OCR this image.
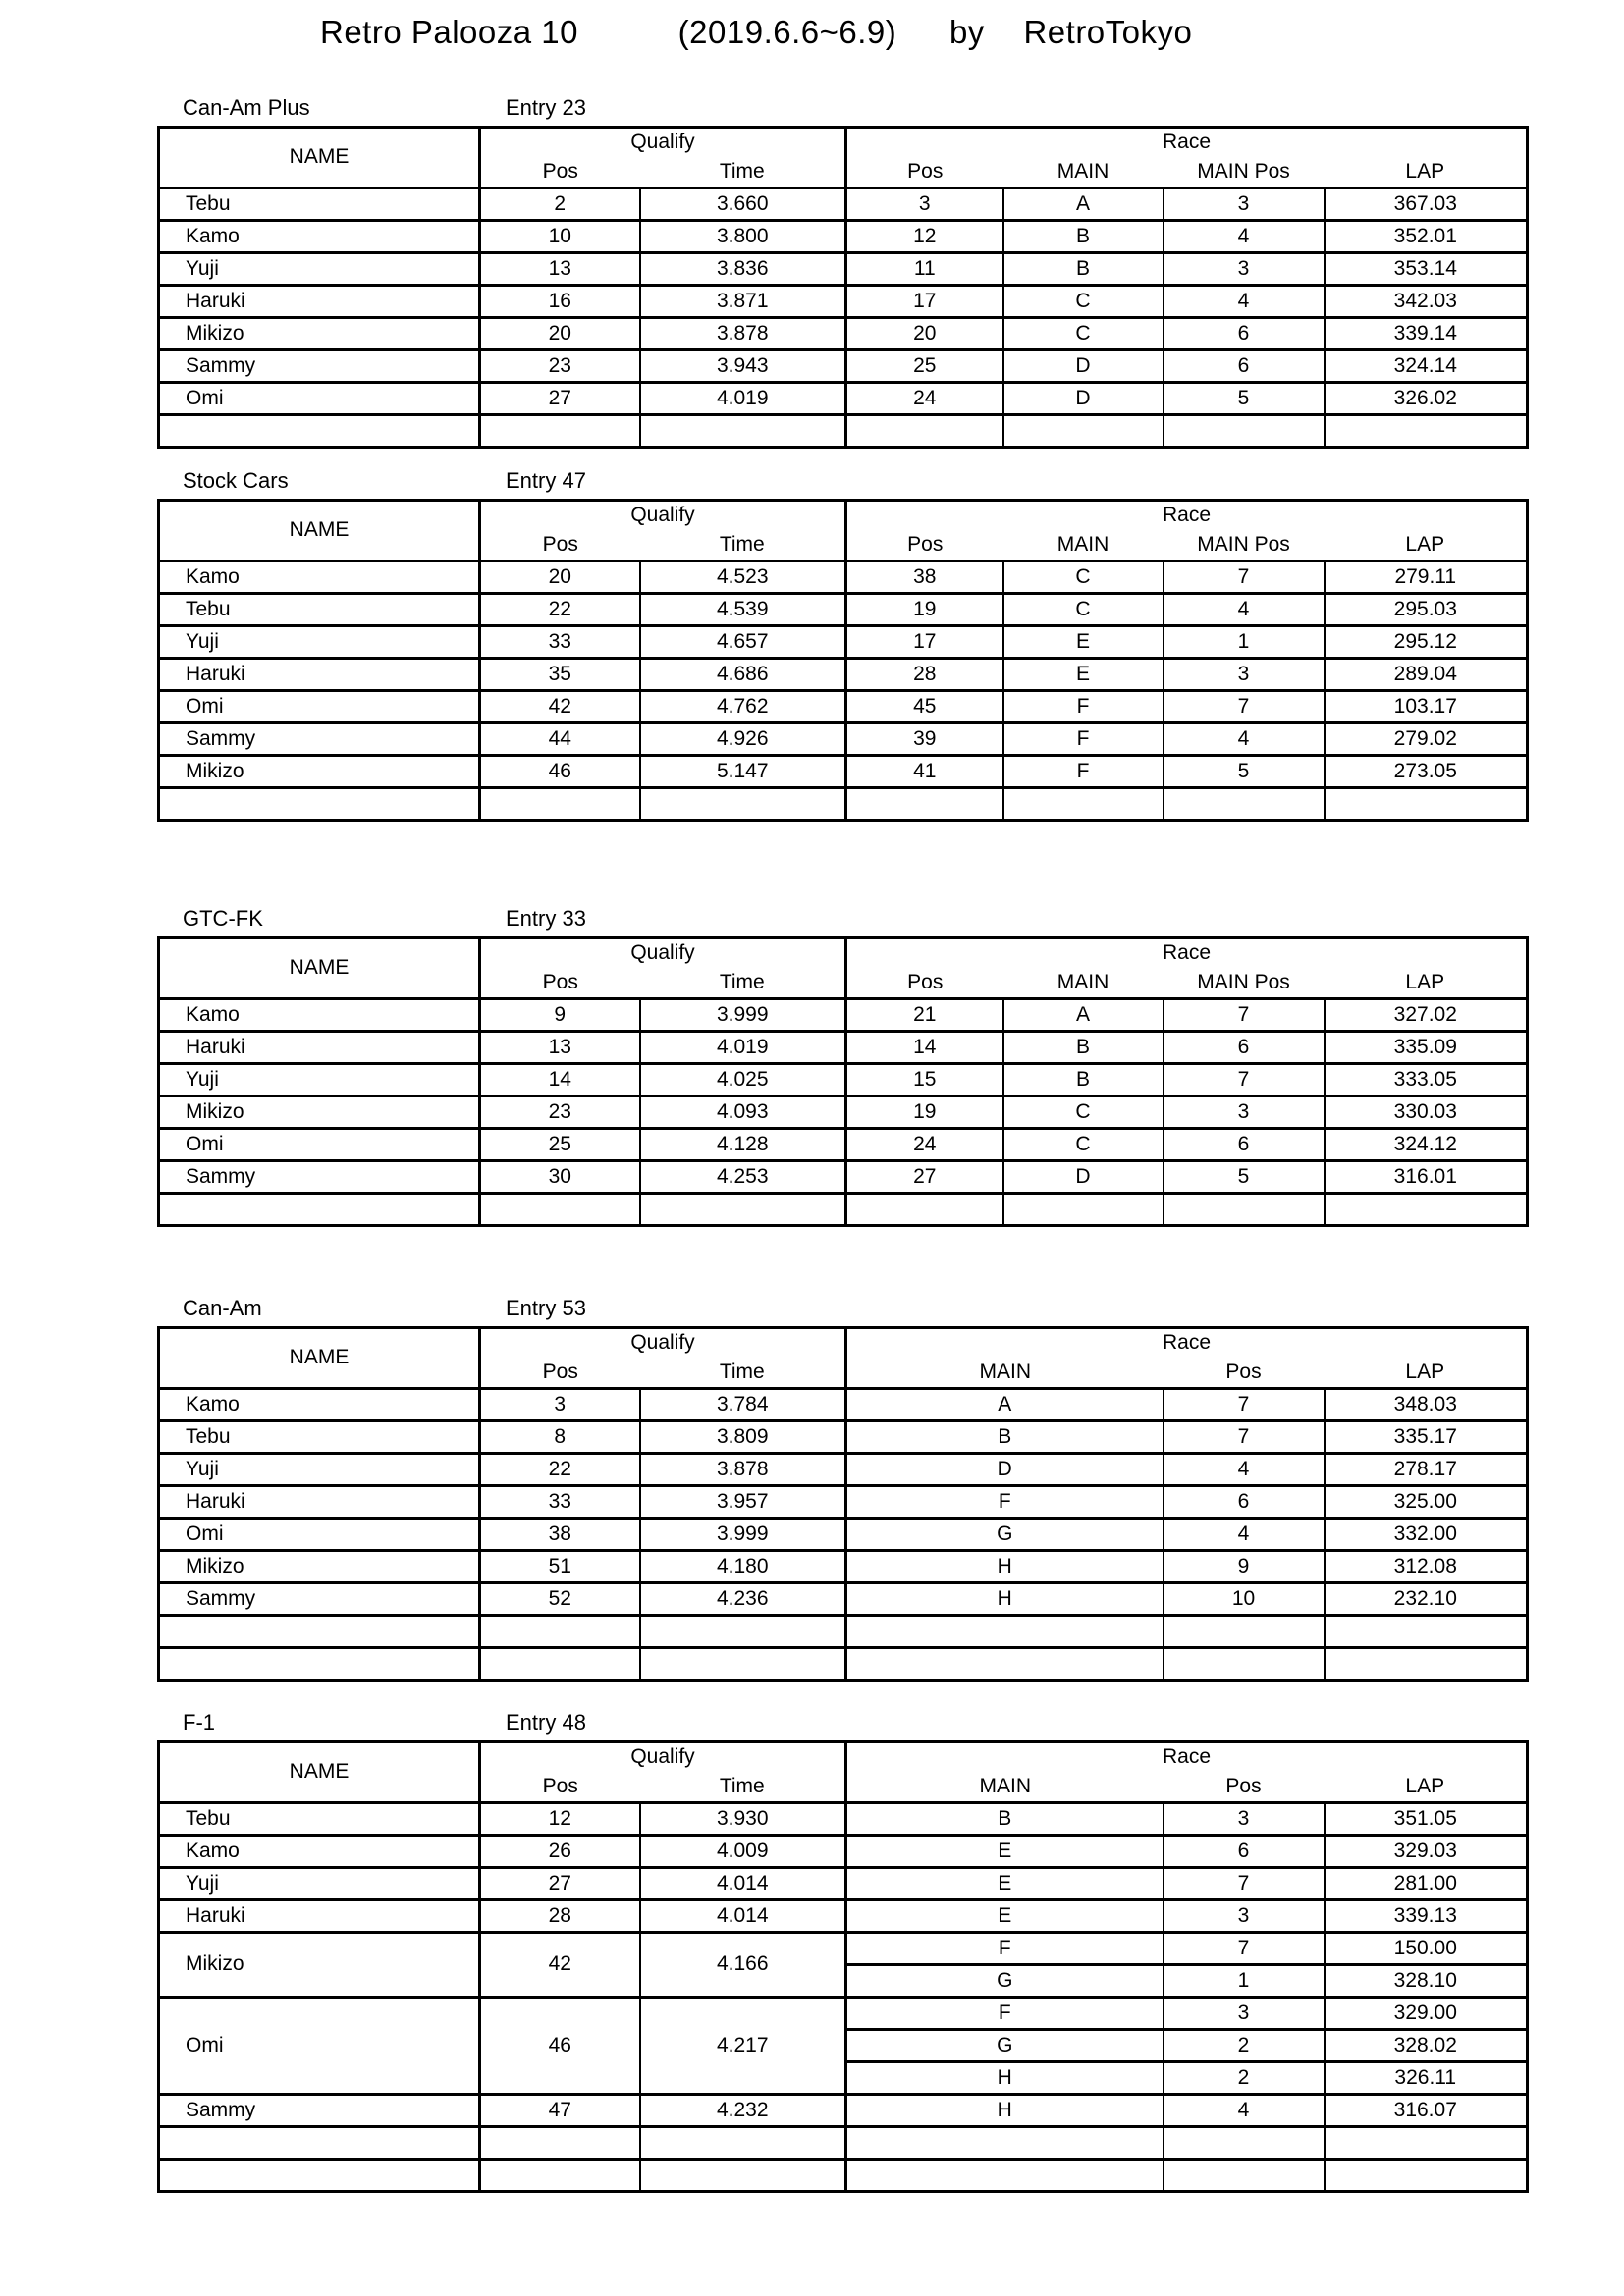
Retro Palooza 10	(2019.6.6~6.9) by RetroTokyo
Can-Am Plus	Entry 23
NAME	Qualify		Race			
	Pos	Time	Pos	MAIN	MAIN Pos	LAP
Tebu	2	3.660	3	A	3	367.03
Kamo	10	3.800	12	B	4	352.01
Yuji	13	3.836	11	B	3	353.14
Haruki	16	3.871	17	C	4	342.03
Mikizo	20	3.878	20	C	6	339.14
Sammy	23	3.943	25	D	6	324.14
Omi	27	4.019	24	D	5	326.02

Stock Cars	Entry 47
NAME	Qualify		Race			
	Pos	Time	Pos	MAIN	MAIN Pos	LAP
Kamo	20	4.523	38	C	7	279.11
Tebu	22	4.539	19	C	4	295.03
Yuji	33	4.657	17	E	1	295.12
Haruki	35	4.686	28	E	3	289.04
Omi	42	4.762	45	F	7	103.17
Sammy	44	4.926	39	F	4	279.02
Mikizo	46	5.147	41	F	5	273.05

GTC-FK	Entry 33
NAME	Qualify		Race			
	Pos	Time	Pos	MAIN	MAIN Pos	LAP
Kamo	9	3.999	21	A	7	327.02
Haruki	13	4.019	14	B	6	335.09
Yuji	14	4.025	15	B	7	333.05
Mikizo	23	4.093	19	C	3	330.03
Omi	25	4.128	24	C	6	324.12
Sammy	30	4.253	27	D	5	316.01

Can-Am	Entry 53
NAME	Qualify		Race		
	Pos	Time	MAIN	Pos	LAP
Kamo	3	3.784	A	7	348.03
Tebu	8	3.809	B	7	335.17
Yuji	22	3.878	D	4	278.17
Haruki	33	3.957	F	6	325.00
Omi	38	3.999	G	4	332.00
Mikizo	51	4.180	H	9	312.08
Sammy	52	4.236	H	10	232.10

F-1	Entry 48
NAME	Qualify		Race		
	Pos	Time	MAIN	Pos	LAP
Tebu	12	3.930	B	3	351.05
Kamo	26	4.009	E	6	329.03
Yuji	27	4.014	E	7	281.00
Haruki	28	4.014	E	3	339.13
Mikizo	42	4.166	F	7	150.00
			G	1	328.10
Omi	46	4.217	F	3	329.00
			G	2	328.02
			H	2	326.11
Sammy	47	4.232	H	4	316.07
